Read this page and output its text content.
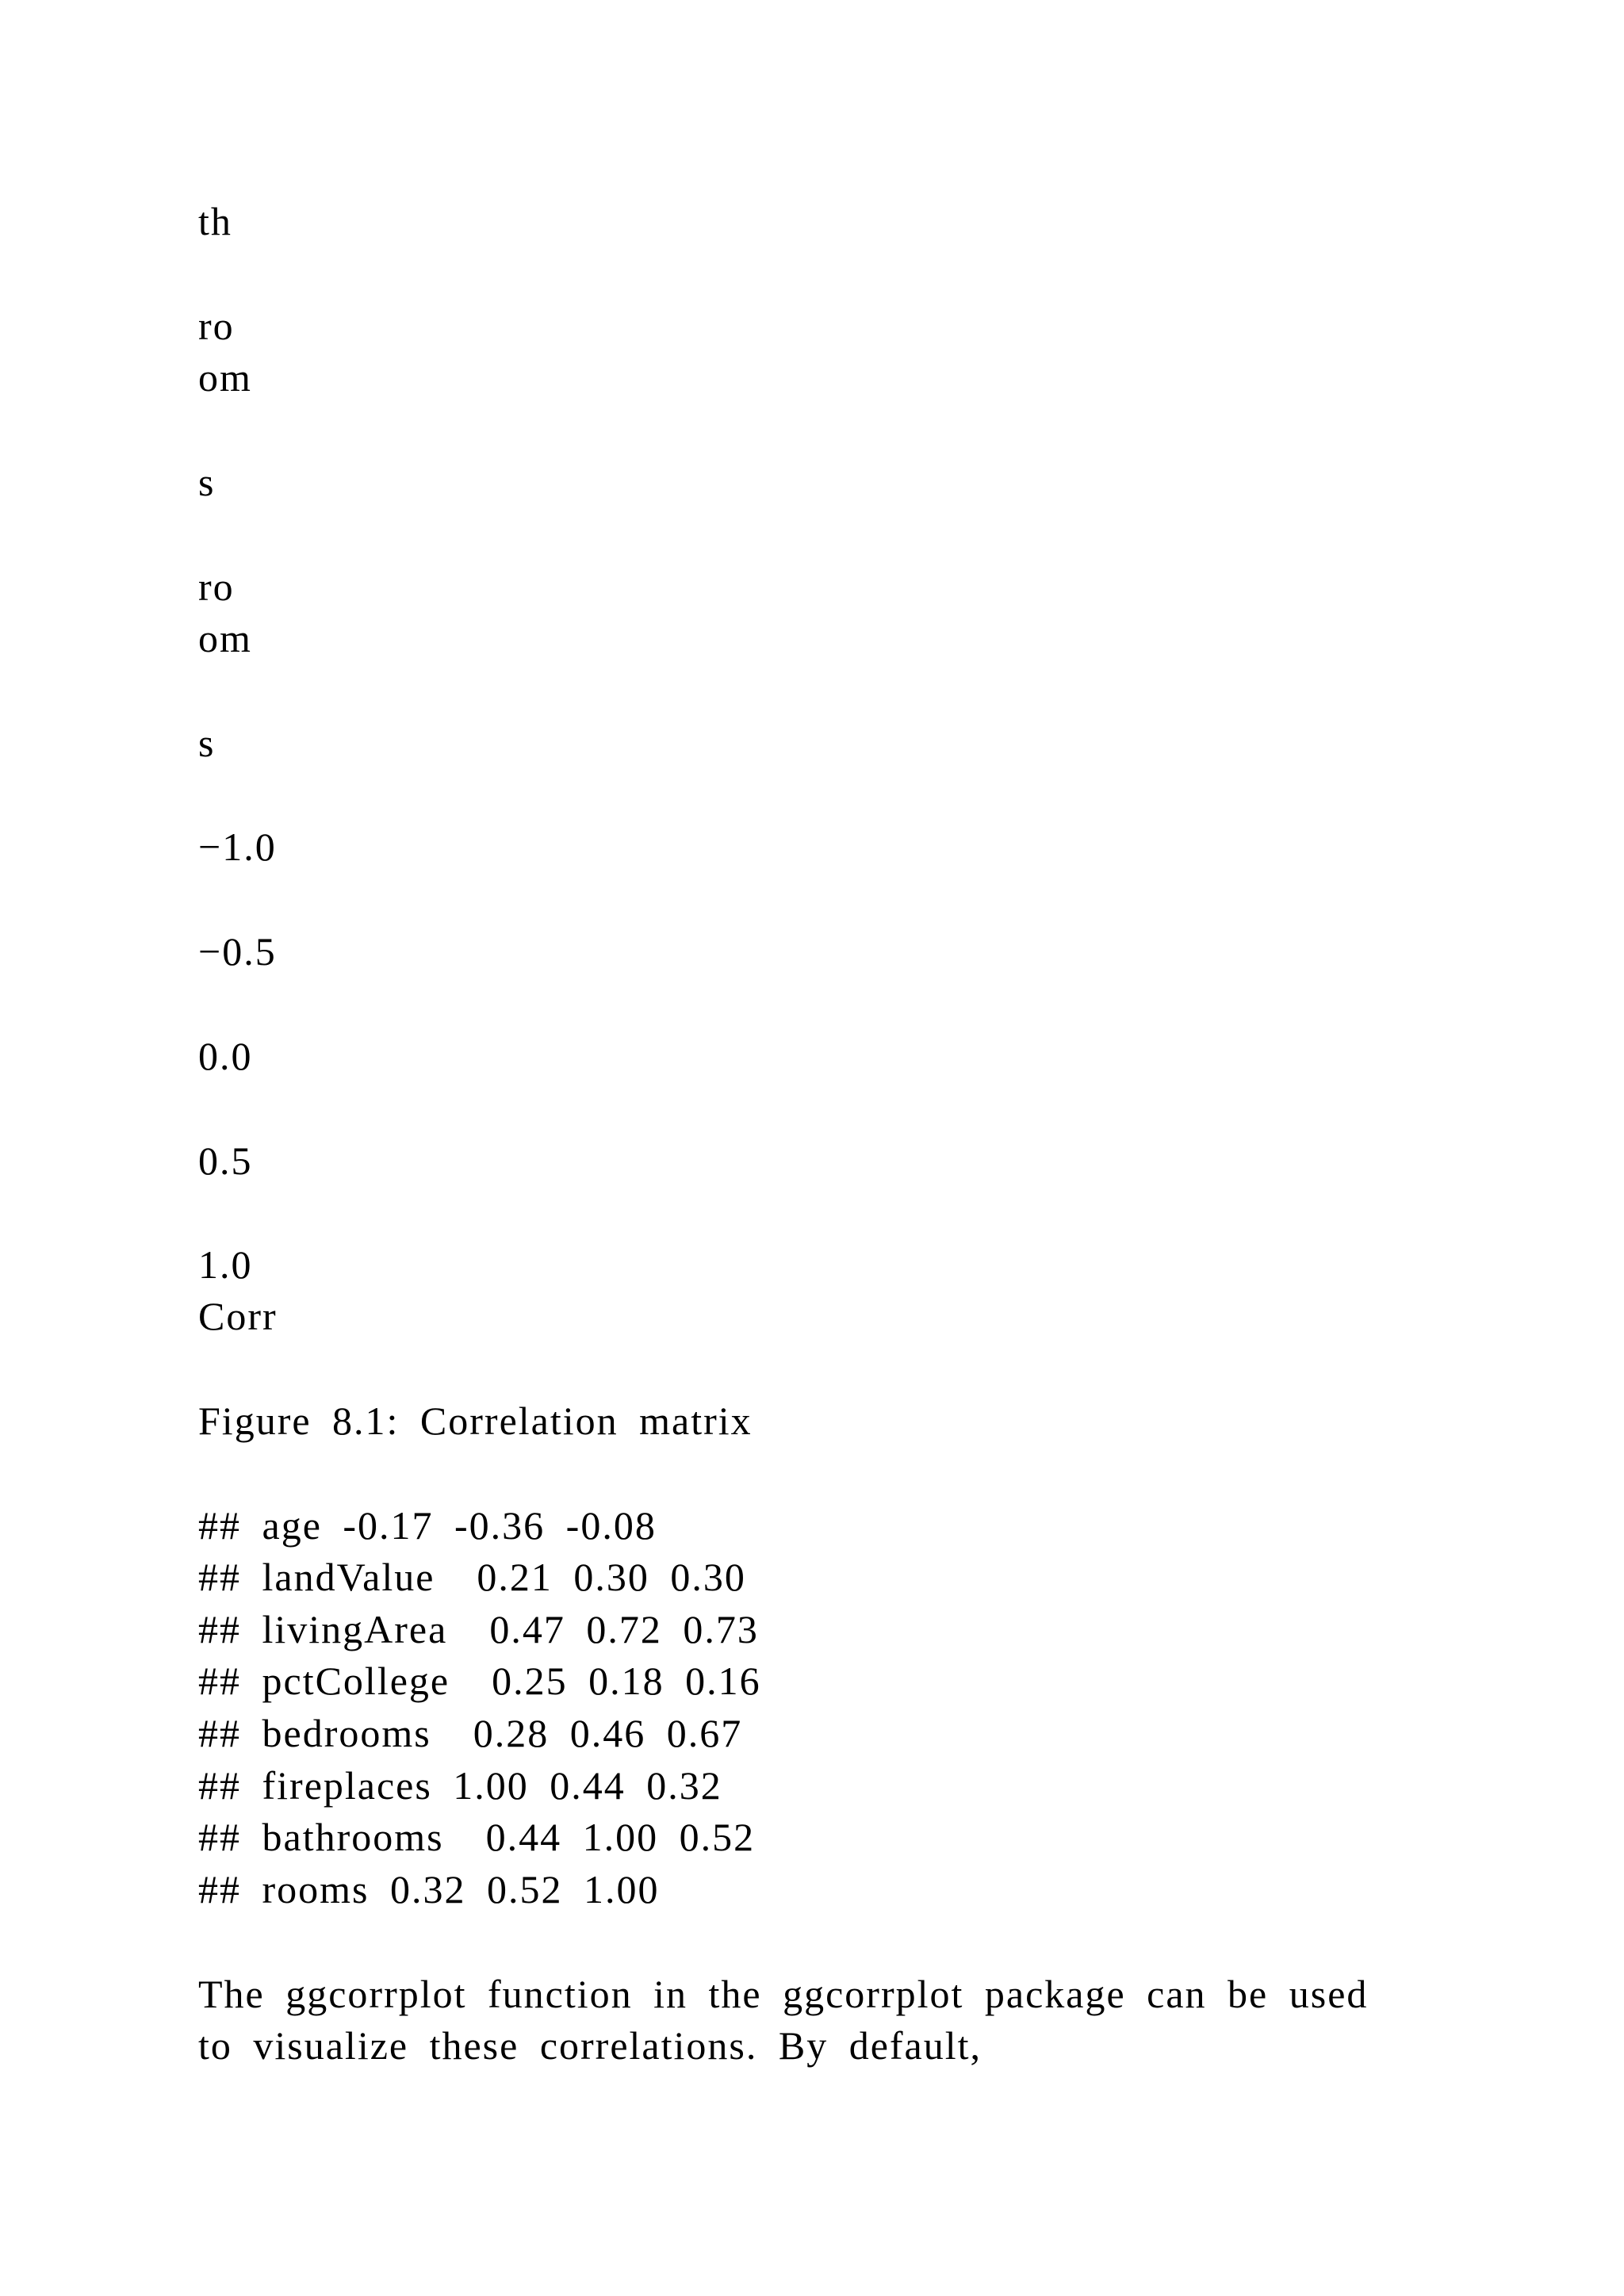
th

ro

om

s

ro

om

s

−1.0

−0.5

0.0

0.5

1.0

Corr

Figure 8.1: Correlation matrix

## age -0.17 -0.36 -0.08

## landValue  0.21 0.30 0.30

## livingArea  0.47 0.72 0.73

## pctCollege  0.25 0.18 0.16

## bedrooms  0.28 0.46 0.67

## fireplaces 1.00 0.44 0.32

## bathrooms  0.44 1.00 0.52

## rooms 0.32 0.52 1.00

The ggcorrplot function in the ggcorrplot package can be used

to visualize these correlations. By default,
